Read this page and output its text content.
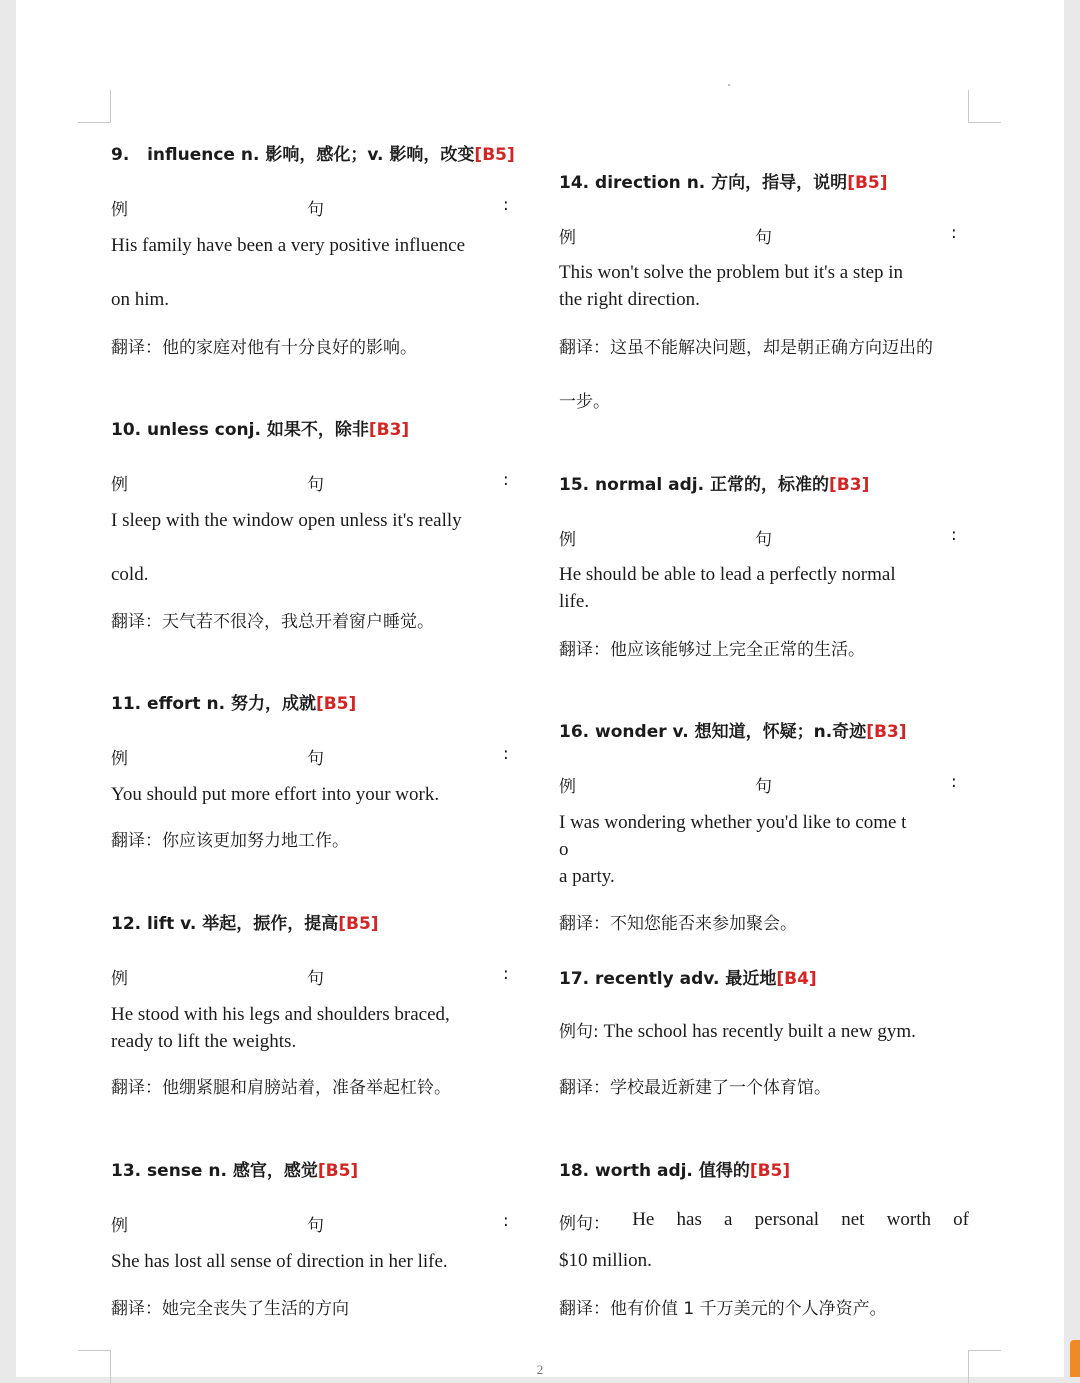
9. influence n. 影响，感化；v. 影响，改变[B5]
例	句	:
His family have been a very positive influence

on him.
翻译：他的家庭对他有十分良好的影响。
10. unless conj. 如果不，除非[B3]
例	句	:
I sleep with the window open unless it's really

cold.
翻译：天气若不很冷，我总开着窗户睡觉。
11. effort n. 努力，成就[B5]
例	句	:
You should put more effort into your work.
翻译：你应该更加努力地工作。
12. lift v. 举起，振作，提高[B5]
例	句	:
He stood with his legs and shoulders braced,
ready to lift the weights.
翻译：他绷紧腿和肩膀站着，准备举起杠铃。
13. sense n. 感官，感觉[B5]
例	句	:
She has lost all sense of direction in her life.
翻译：她完全丧失了生活的方向
14. direction n. 方向，指导，说明[B5]
例	句	:
This won't solve the problem but it's a step in
the right direction.
翻译：这虽不能解决问题，却是朝正确方向迈出的
一步。
15. normal adj. 正常的，标准的[B3]
例	句	:
He should be able to lead a perfectly normal
life.
翻译：他应该能够过上完全正常的生活。
16. wonder v. 想知道，怀疑；n.奇迹[B3]
例	句	:
I was wondering whether you'd like to come t
o
a party.
翻译：不知您能否来参加聚会。
17. recently adv. 最近地[B4]
例句: The school has recently built a new gym.
翻译：学校最近新建了一个体育馆。
18. worth adj. 值得的[B5]
例句： He has a personal net worth of
$10 million.
翻译：他有价值 1 千万美元的个人净资产。
2
